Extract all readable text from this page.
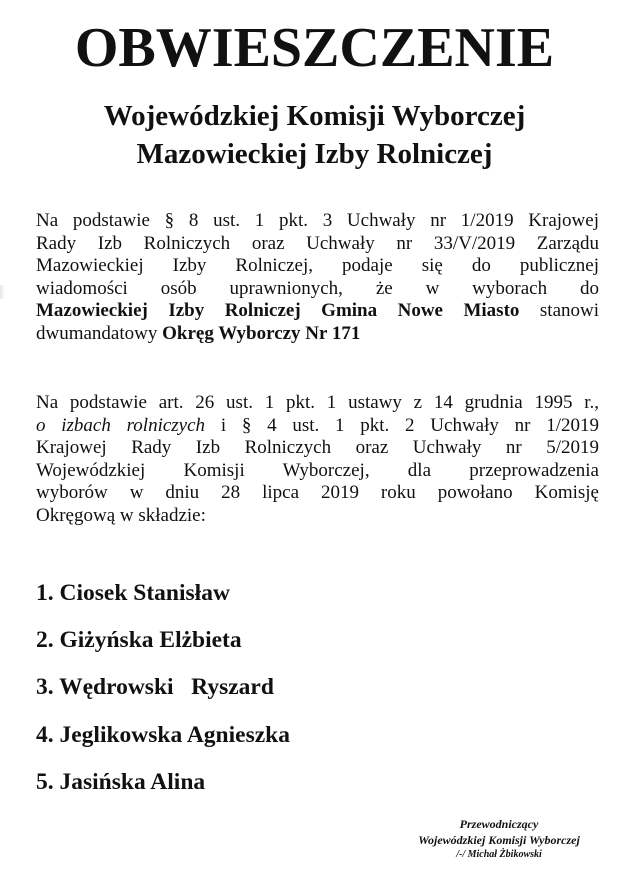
OBWIESZCZENIE
Wojewódzkiej Komisji Wyborczej
Mazowieckiej Izby Rolniczej
Na podstawie § 8 ust. 1 pkt. 3 Uchwały nr 1/2019 Krajowej
Rady Izb Rolniczych oraz Uchwały nr 33/V/2019 Zarządu
Mazowieckiej Izby Rolniczej, podaje się do publicznej
wiadomości osób uprawnionych, że w wyborach do
Mazowieckiej Izby Rolniczej Gmina Nowe Miasto stanowi
dwumandatowy Okręg Wyborczy Nr 171
Na podstawie art. 26 ust. 1 pkt. 1 ustawy z 14 grudnia 1995 r.,
o izbach rolniczych i § 4 ust. 1 pkt. 2 Uchwały nr 1/2019
Krajowej Rady Izb Rolniczych oraz Uchwały nr 5/2019
Wojewódzkiej Komisji Wyborczej, dla przeprowadzenia
wyborów w dniu 28 lipca 2019 roku powołano Komisję
Okręgową w składzie:
1. Ciosek Stanisław
2. Giżyńska Elżbieta
3. Wędrowski   Ryszard
4. Jeglikowska Agnieszka
5. Jasińska Alina
Przewodniczący
Wojewódzkiej Komisji Wyborczej
/-/ Michał Żbikowski
